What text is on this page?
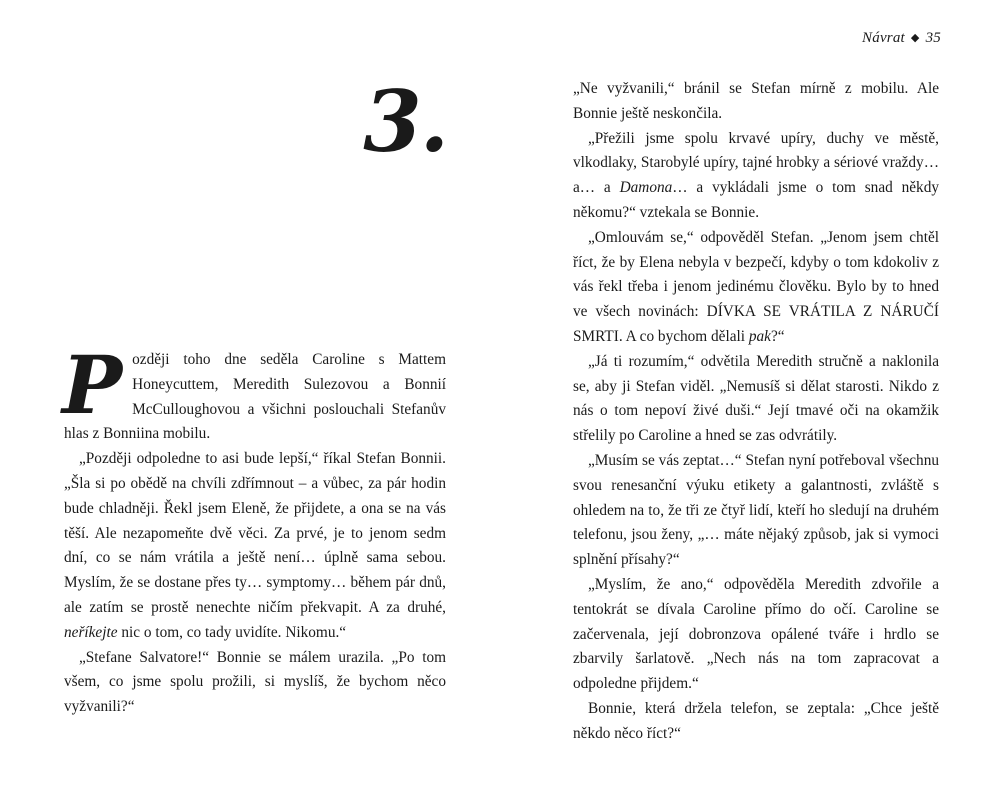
3.

Později toho dne seděla Caroline s Mattem Honeycuttem, Meredith Sulezovou a Bonnií McCulloughovou a všichni poslouchali Stefanův hlas z Bonniina mobilu.

„Později odpoledne to asi bude lepší,“ říkal Stefan Bonnii. „Šla si po obědě na chvíli zdřímnout – a vůbec, za pár hodin bude chladněji. Řekl jsem Eleně, že přijdete, a ona se na vás těší. Ale nezapomeňte dvě věci. Za prvé, je to jenom sedm dní, co se nám vrátila a ještě není… úplně sama sebou. Myslím, že se dostane přes ty… symptomy… během pár dnů, ale zatím se prostě nenechte ničím překvapit. A za druhé, neříkejte nic o tom, co tady uvidíte. Nikomu.“

„Stefane Salvatore!“ Bonnie se málem urazila. „Po tom všem, co jsme spolu prožili, si myslíš, že bychom něco vyžvanili?“

Návrat ◆ 35

„Ne vyžvanili,“ bránil se Stefan mírně z mobilu. Ale Bonnie ještě neskončila.

„Přežili jsme spolu krvavé upíry, duchy ve městě, vlkodlaky, Starobylé upíry, tajné hrobky a sériové vraždy… a… a Damona… a vykládali jsme o tom snad někdy někomu?“ vztekala se Bonnie.

„Omlouvám se,“ odpověděl Stefan. „Jenom jsem chtěl říct, že by Elena nebyla v bezpečí, kdyby o tom kdokoliv z vás řekl třeba i jenom jedinému člověku. Bylo by to hned ve všech novinách: DÍVKA SE VRÁTILA Z NÁRUČÍ SMRTI. A co bychom dělali pak?“

„Já ti rozumím,“ odvětila Meredith stručně a naklonila se, aby ji Stefan viděl. „Nemusíš si dělat starosti. Nikdo z nás o tom nepoví živé duši.“ Její tmavé oči na okamžik střelily po Caroline a hned se zas odvrátily.

„Musím se vás zeptat…“ Stefan nyní potřeboval všechnu svou renesanční výuku etikety a galantnosti, zvláště s ohledem na to, že tři ze čtyř lidí, kteří ho sledují na druhém telefonu, jsou ženy, „… máte nějaký způsob, jak si vymoci splnění přísahy?“

„Myslím, že ano,“ odpověděla Meredith zdvořile a tentokrát se dívala Caroline přímo do očí. Caroline se začervenala, její dobronzova opálené tváře i hrdlo se zbarvily šarlatově. „Nech nás na tom zapracovat a odpoledne přijdem.“

Bonnie, která držela telefon, se zeptala: „Chce ještě někdo něco říct?“
